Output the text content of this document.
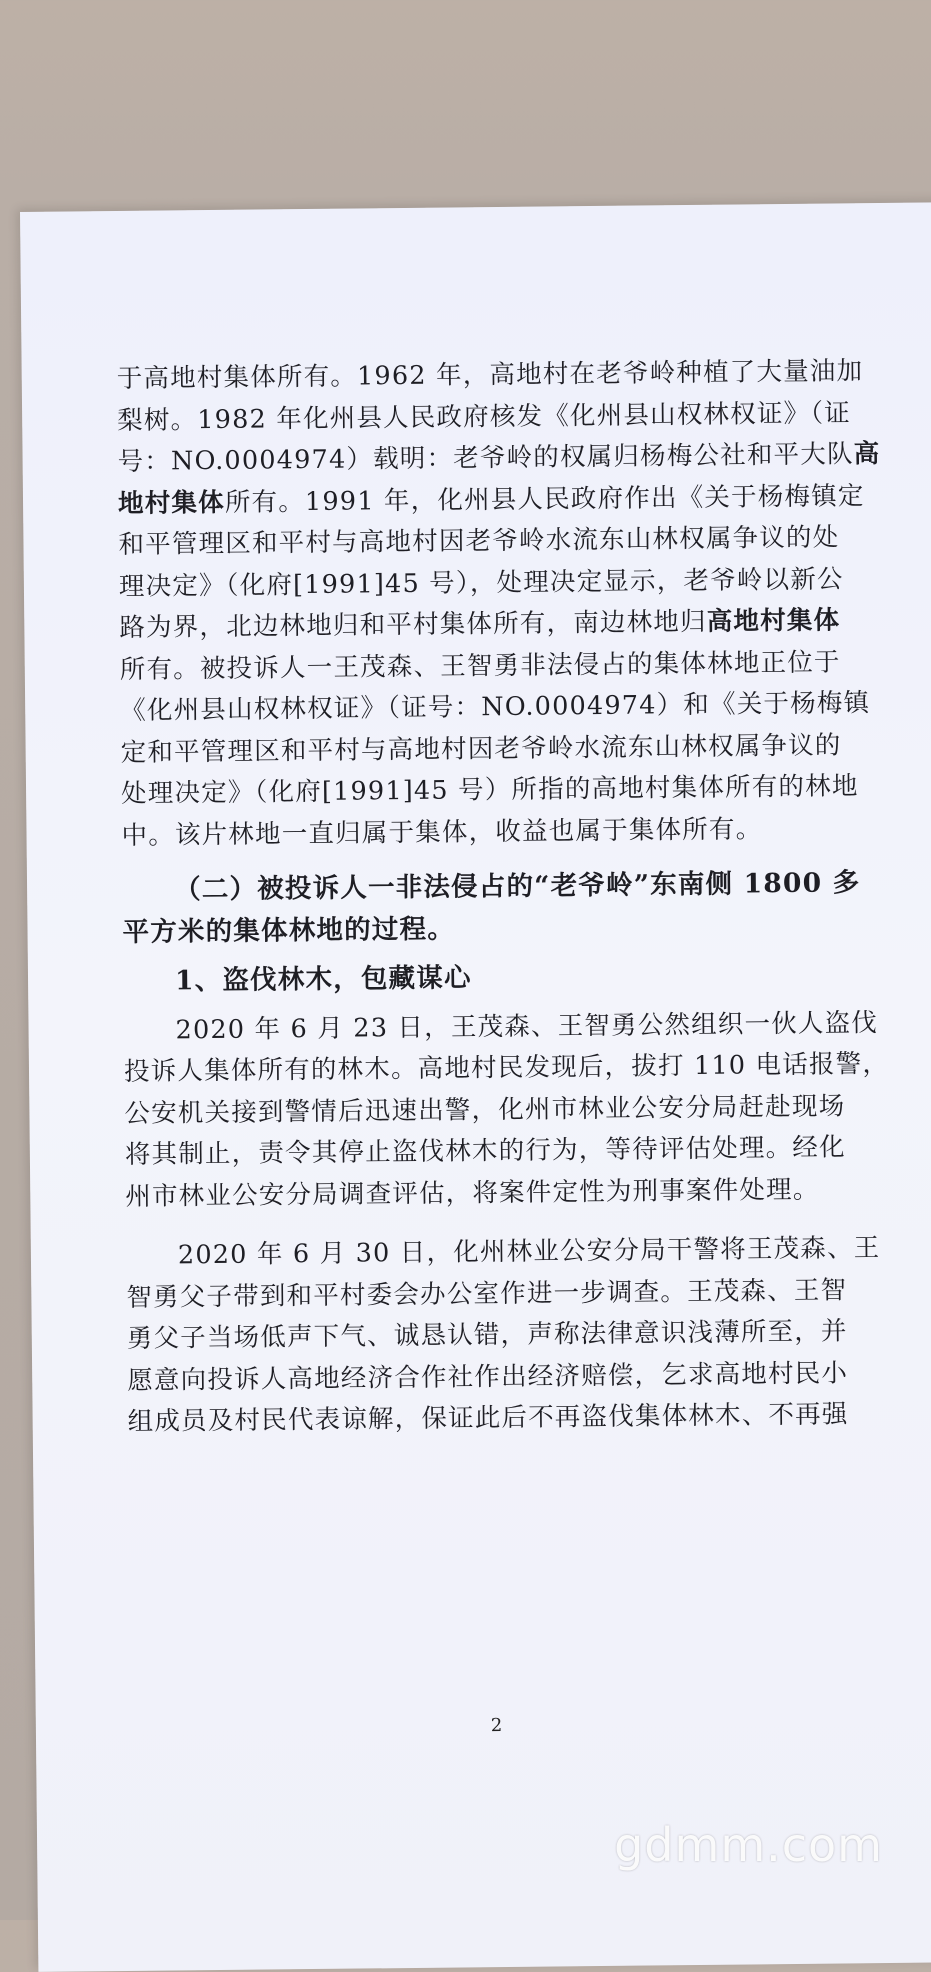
于高地村集体所有。1962 年，高地村在老爷岭种植了大量油加
梨树。1982 年化州县人民政府核发《化州县山权林权证》（证
号：NO.0004974）载明：老爷岭的权属归杨梅公社和平大队高
地村集体所有。1991 年，化州县人民政府作出《关于杨梅镇定
和平管理区和平村与高地村因老爷岭水流东山林权属争议的处
理决定》（化府[1991]45 号），处理决定显示，老爷岭以新公
路为界，北边林地归和平村集体所有，南边林地归高地村集体
所有。被投诉人一王茂森、王智勇非法侵占的集体林地正位于
《化州县山权林权证》（证号：NO.0004974）和《关于杨梅镇
定和平管理区和平村与高地村因老爷岭水流东山林权属争议的
处理决定》（化府[1991]45 号）所指的高地村集体所有的林地
中。该片林地一直归属于集体，收益也属于集体所有。
（二）被投诉人一非法侵占的“老爷岭”东南侧 1800 多
平方米的集体林地的过程。
1、盗伐林木，包藏谋心
2020 年 6 月 23 日，王茂森、王智勇公然组织一伙人盗伐
投诉人集体所有的林木。高地村民发现后，拔打 110 电话报警，
公安机关接到警情后迅速出警，化州市林业公安分局赶赴现场
将其制止，责令其停止盗伐林木的行为，等待评估处理。经化
州市林业公安分局调查评估，将案件定性为刑事案件处理。
2020 年 6 月 30 日，化州林业公安分局干警将王茂森、王
智勇父子带到和平村委会办公室作进一步调查。王茂森、王智
勇父子当场低声下气、诚恳认错，声称法律意识浅薄所至，并
愿意向投诉人高地经济合作社作出经济赔偿，乞求高地村民小
组成员及村民代表谅解，保证此后不再盗伐集体林木、不再强
2
gdmm.com
